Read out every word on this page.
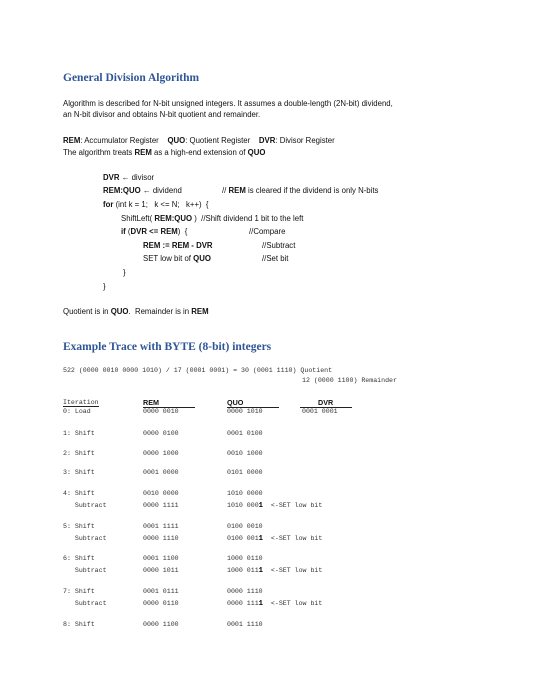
General Division Algorithm
Algorithm is described for N-bit unsigned integers. It assumes a double-length (2N-bit) dividend,
an N-bit divisor and obtains N-bit quotient and remainder.
REM: Accumulator Register QUO: Quotient Register DVR: Divisor Register
The algorithm treats REM as a high-end extension of QUO
DVR ← divisor
REM:QUO ← dividend	// REM is cleared if the dividend is only N-bits
for (int k = 1;   k <= N;   k++)  {
ShiftLeft( REM:QUO )  //Shift dividend 1 bit to the left
if (DVR <= REM)  {	//Compare
REM := REM - DVR	//Subtract
SET low bit of QUO	//Set bit
}
}
Quotient is in QUO.  Remainder is in REM
Example Trace with BYTE (8-bit) integers
522 (0000 0010 0000 1010) / 17 (0001 0001) = 30 (0001 1110) Quotient
12 (0000 1100) Remainder
Iteration	REM	QUO	DVR
0: Load	0000 0010	0000 1010	0001 0001
1: Shift	0000 0100	0001 0100
2: Shift	0000 1000	0010 1000
3: Shift	0001 0000	0101 0000
4: Shift	0010 0000	1010 0000
Subtract	0000 1111	1010 0001 <-SET low bit
5: Shift	0001 1111	0100 0010
Subtract	0000 1110	0100 0011 <-SET low bit
6: Shift	0001 1100	1000 0110
Subtract	0000 1011	1000 0111 <-SET low bit
7: Shift	0001 0111	0000 1110
Subtract	0000 0110	0000 1111 <-SET low bit
8: Shift	0000 1100	0001 1110
